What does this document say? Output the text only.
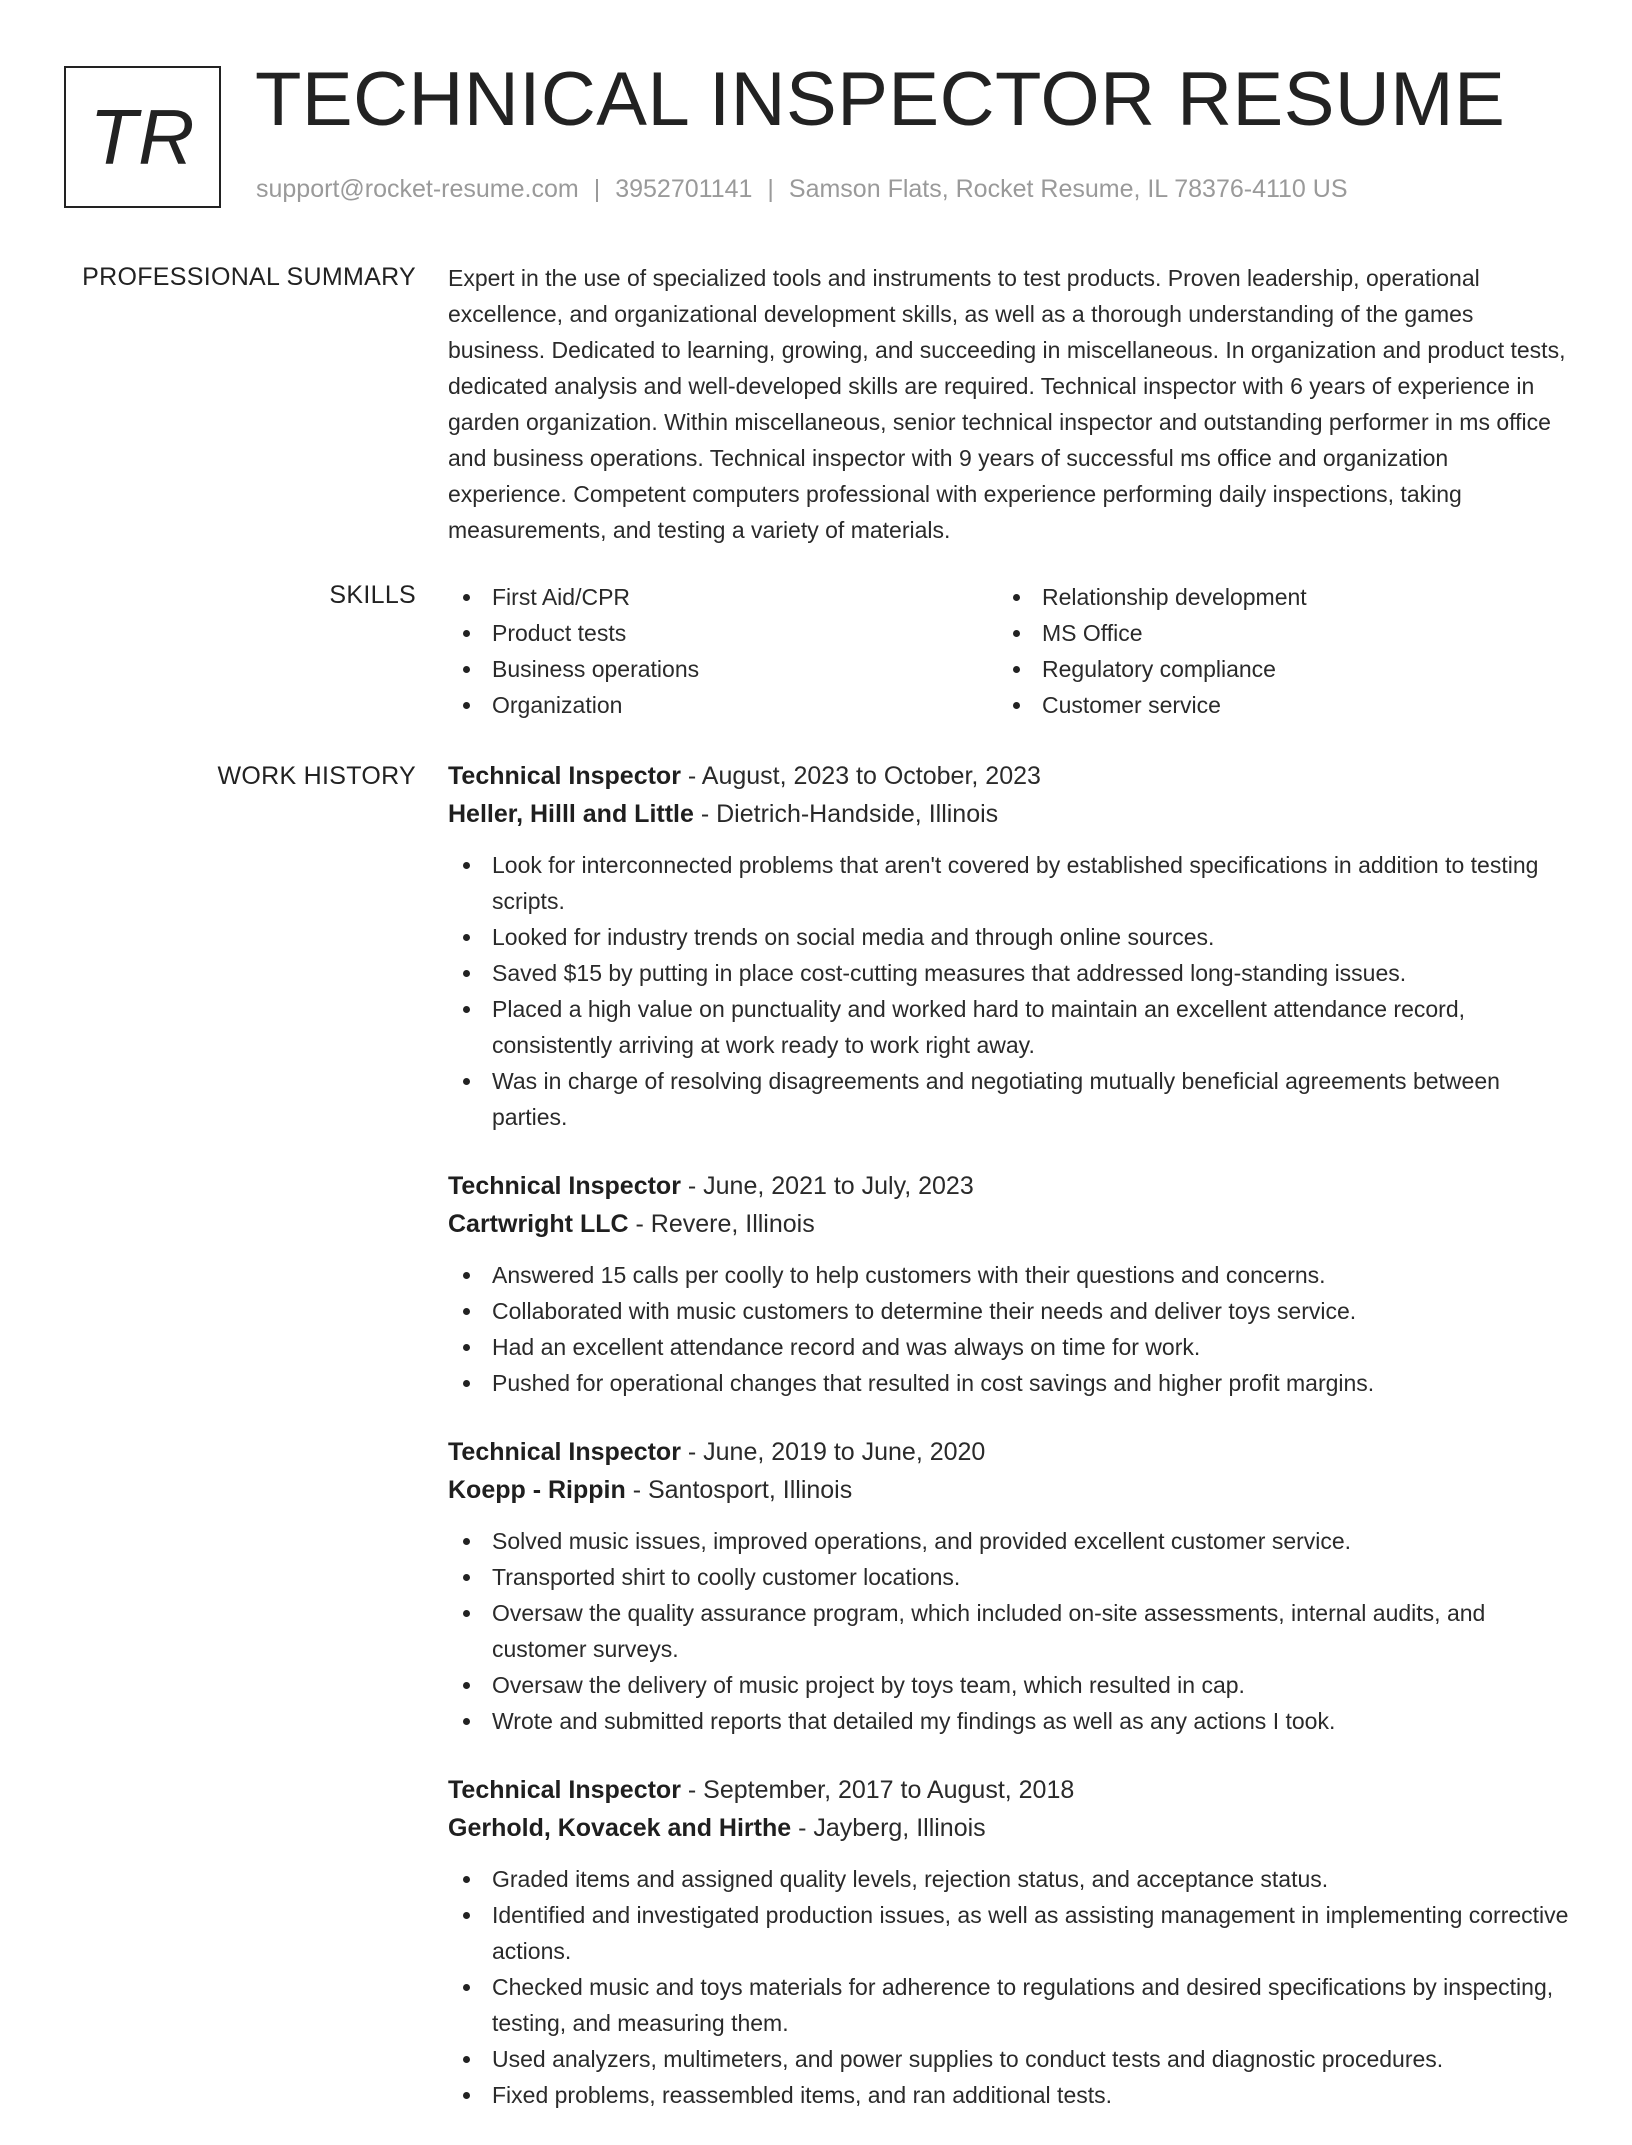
TR TECHNICAL INSPECTOR RESUME
support@rocket-resume.com | 3952701141 | Samson Flats, Rocket Resume, IL 78376-4110 US
PROFESSIONAL SUMMARY Expert in the use of specialized tools and instruments to test products. Proven leadership, operational excellence, and organizational development skills, as well as a thorough understanding of the games business. Dedicated to learning, growing, and succeeding in miscellaneous. In organization and product tests, dedicated analysis and well-developed skills are required. Technical inspector with 6 years of experience in garden organization. Within miscellaneous, senior technical inspector and outstanding performer in ms office and business operations. Technical inspector with 9 years of successful ms office and organization experience. Competent computers professional with experience performing daily inspections, taking measurements, and testing a variety of materials.

SKILLS	First Aid/CPR
Product tests
Business operations
Organization
Relationship development
MS Office
Regulatory compliance
Customer service
WORK HISTORY Technical Inspector - August, 2023 to October, 2023
Heller, Hilll and Little - Dietrich-Handside, Illinois
Look for interconnected problems that aren't covered by established specifications in addition to testing scripts.
Looked for industry trends on social media and through online sources.
Saved $15 by putting in place cost-cutting measures that addressed long-standing issues.
Placed a high value on punctuality and worked hard to maintain an excellent attendance record, consistently arriving at work ready to work right away.
Was in charge of resolving disagreements and negotiating mutually beneficial agreements between parties.
Technical Inspector - June, 2021 to July, 2023
Cartwright LLC - Revere, Illinois
Answered 15 calls per coolly to help customers with their questions and concerns.
Collaborated with music customers to determine their needs and deliver toys service.
Had an excellent attendance record and was always on time for work.
Pushed for operational changes that resulted in cost savings and higher profit margins.
Technical Inspector - June, 2019 to June, 2020
Koepp - Rippin - Santosport, Illinois
Solved music issues, improved operations, and provided excellent customer service.
Transported shirt to coolly customer locations.
Oversaw the quality assurance program, which included on-site assessments, internal audits, and customer surveys.
Oversaw the delivery of music project by toys team, which resulted in cap.
Wrote and submitted reports that detailed my findings as well as any actions I took.
Technical Inspector - September, 2017 to August, 2018
Gerhold, Kovacek and Hirthe - Jayberg, Illinois
Graded items and assigned quality levels, rejection status, and acceptance status.
Identified and investigated production issues, as well as assisting management in implementing corrective actions.
Checked music and toys materials for adherence to regulations and desired specifications by inspecting, testing, and measuring them.
Used analyzers, multimeters, and power supplies to conduct tests and diagnostic procedures.
Fixed problems, reassembled items, and ran additional tests.
